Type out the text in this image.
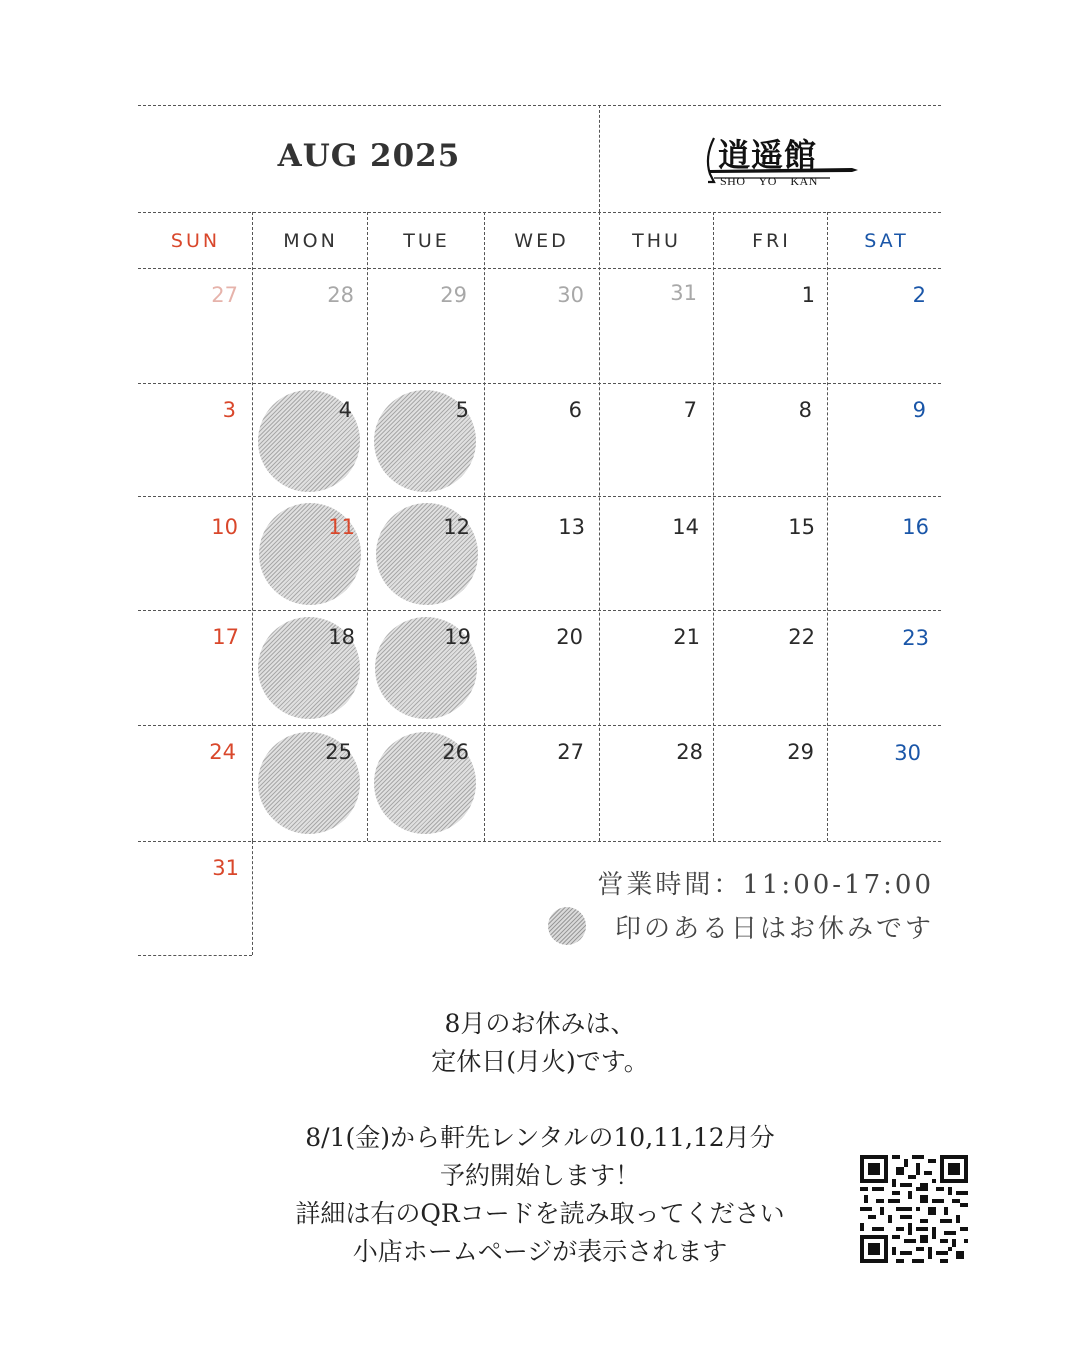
AUG 2025	逍遥館
SHO YO KAN
SUN	MON	TUE	WED	THU	FRI	SAT
27	28	29	30	31	1	2
3	4	5	6	7	8	9
10	11	12	13	14	15	16
17	18	19	20	21	22	23
24	25	26	27	28	29	30
31
営業時間：11:00-17:00
印のある日はお休みです
8月のお休みは、
定休日(月火)です。
8/1(金)から軒先レンタルの10,11,12月分
予約開始します！
詳細は右のQRコードを読み取ってください
小店ホームページが表示されます
